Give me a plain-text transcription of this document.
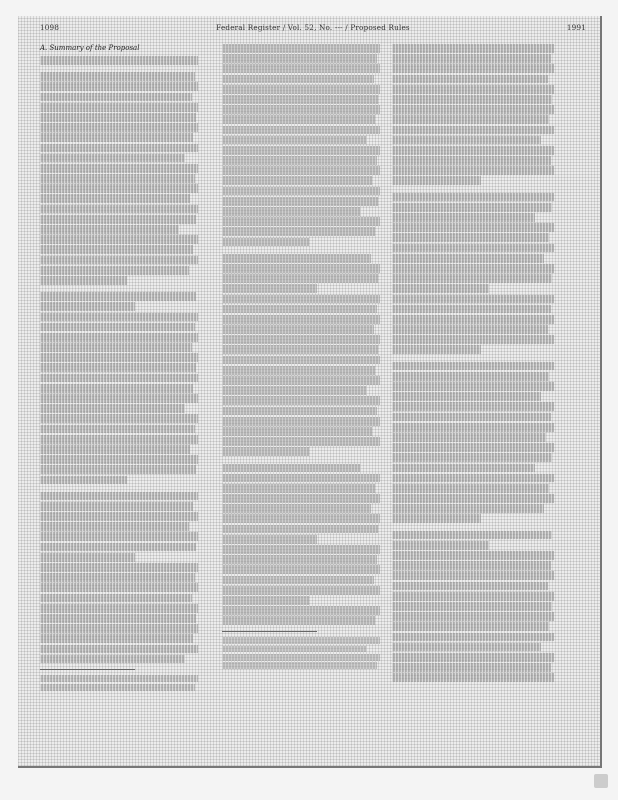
1098	Federal Register / Vol. 52, No. --- / Proposed Rules	1991
A. Summary of the Proposal
